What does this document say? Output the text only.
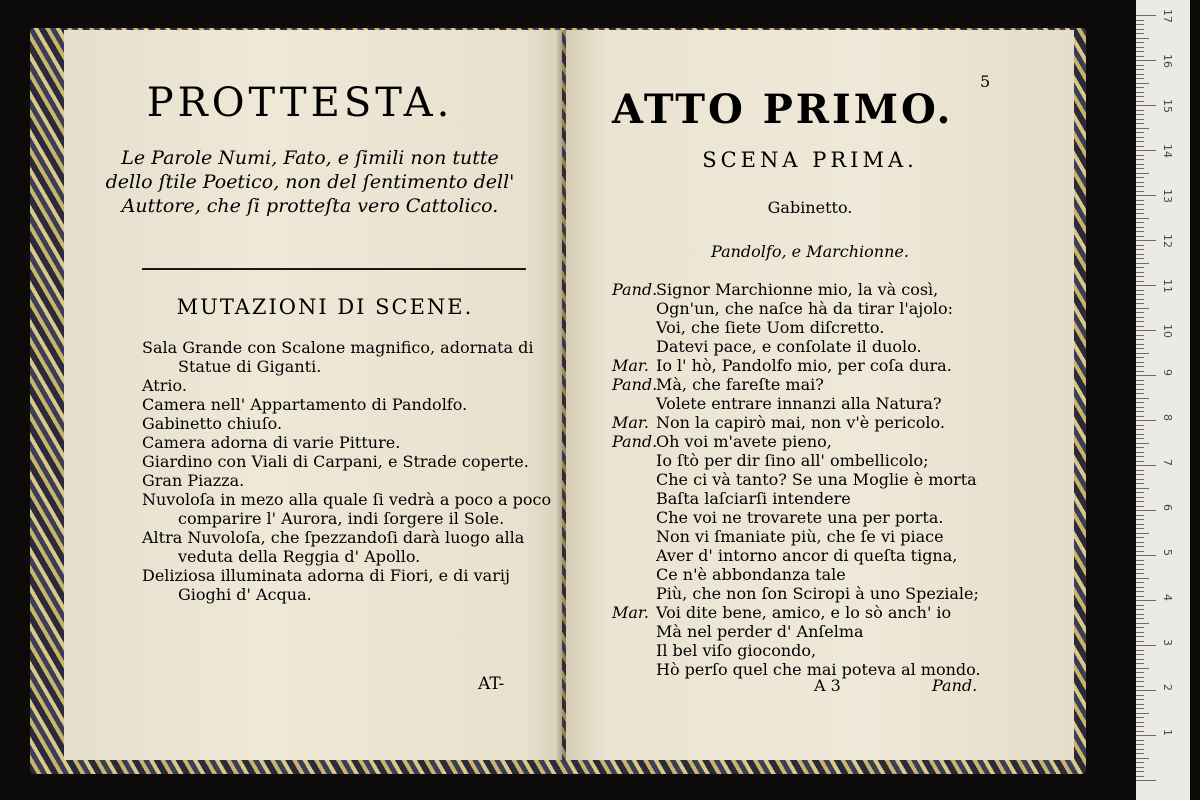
PROTTESTA.
Le Parole Numi, Fato, e ſimili non tutte
dello ſtile Poetico, non del ſentimento dell'
Auttore, che ſi protteſta vero Cattolico.
MUTAZIONI DI SCENE.
Sala Grande con Scalone magnifico, adornata di
Statue di Giganti.
Atrio.
Camera nell' Appartamento di Pandolfo.
Gabinetto chiuſo.
Camera adorna di varie Pitture.
Giardino con Viali di Carpani, e Strade coperte.
Gran Piazza.
Nuvoloſa in mezo alla quale ſi vedrà a poco a poco
comparire l' Aurora, indi ſorgere il Sole.
Altra Nuvoloſa, che ſpezzandoſi darà luogo alla
veduta della Reggia d' Apollo.
Deliziosa illuminata adorna di Fiori, e di varij
Gioghi d' Acqua.
AT-
ATTO PRIMO.
5
SCENA PRIMA.
Gabinetto.
Pandolfo, e Marchionne.
Pand.Signor Marchionne mio, la và così,
Ogn'un, che naſce hà da tirar l'ajolo:
Voi, che ſiete Uom diſcretto.
Datevi pace, e conſolate il duolo.
Mar. Io l' hò, Pandolfo mio, per coſa dura.
Pand.Mà, che fareſte mai?
Volete entrare innanzi alla Natura?
Mar. Non la capirò mai, non v'è pericolo.
Pand.Oh voi m'avete pieno,
Io ſtò per dir ſino all' ombellicolo;
Che ci và tanto? Se una Moglie è morta
Baſta laſciarſi intendere
Che voi ne trovarete una per porta.
Non vi ſmaniate più, che ſe vi piace
Aver d' intorno ancor di queſta tigna,
Ce n'è abbondanza tale
Più, che non ſon Sciropi à uno Speziale;
Mar. Voi dite bene, amico, e lo sò anch' io
Mà nel perder d' Anſelma
Il bel viſo giocondo,
Hò perſo quel che mai poteva al mondo.
A 3	Pand.
1
2
3
4
5
6
7
8
9
10
11
12
13
14
15
16
17
